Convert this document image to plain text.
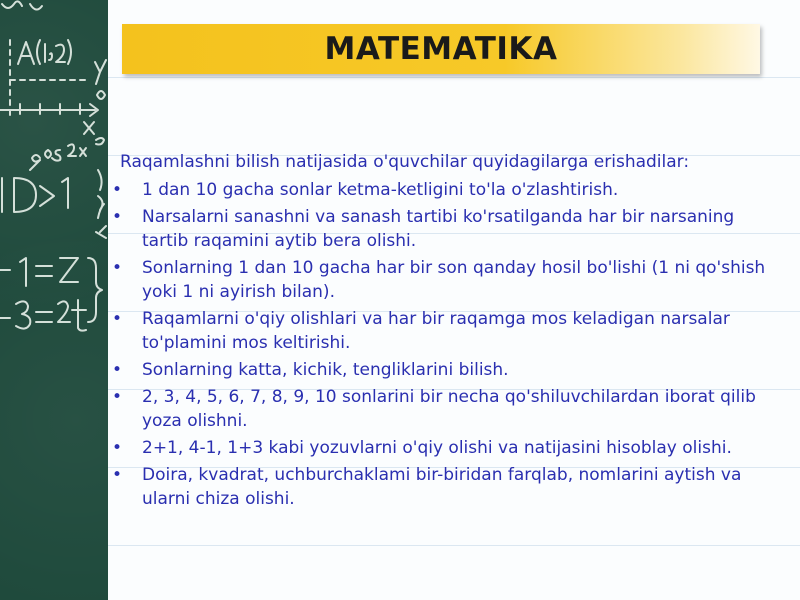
MATEMATIKA

Raqamlashni bilish natijasida o'quvchilar quyidagilarga erishadilar:

• 1 dan 10 gacha sonlar ketma-ketligini to'la o'zlashtirish.
• Narsalarni sanashni va sanash tartibi ko'rsatilganda har bir narsaning tartib raqamini aytib bera olishi.
• Sonlarning 1 dan 10 gacha har bir son qanday hosil bo'lishi (1 ni qo'shish yoki 1 ni ayirish bilan).
• Raqamlarni o'qiy olishlari va har bir raqamga mos keladigan narsalar to'plamini mos keltirishi.
• Sonlarning katta, kichik, tengliklarini bilish.
• 2, 3, 4, 5, 6, 7, 8, 9, 10 sonlarini bir necha qo'shiluvchilardan iborat qilib yoza olishni.
• 2+1, 4-1, 1+3 kabi yozuvlarni o'qiy olishi va natijasini hisoblay olishi.
• Doira, kvadrat, uchburchaklami bir-biridan farqlab, nomlarini aytish va ularni chiza olishi.
